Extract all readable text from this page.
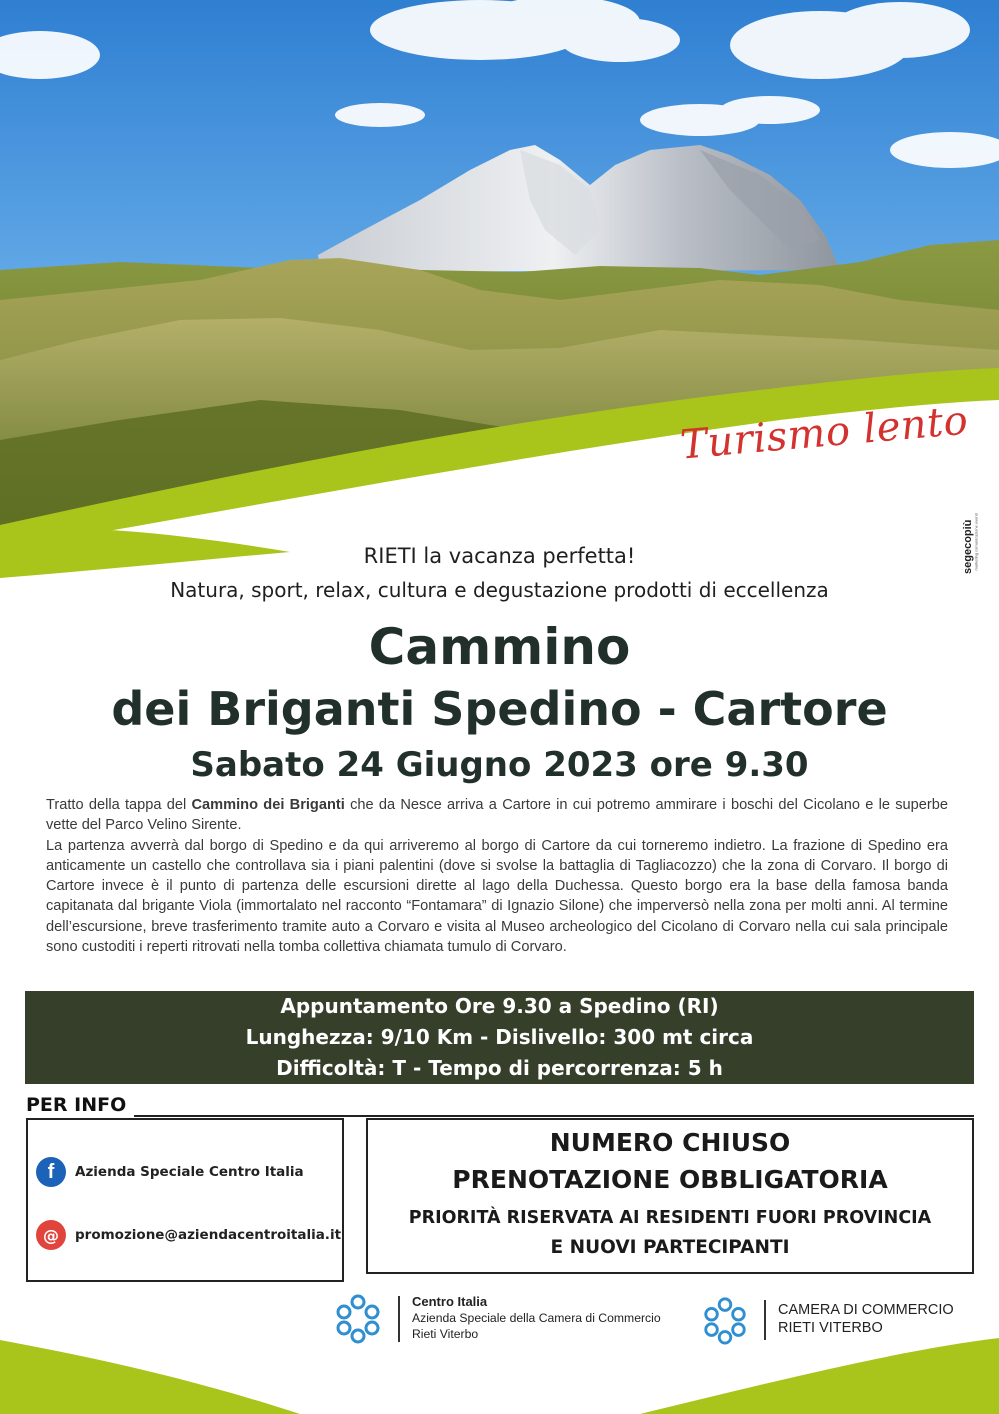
Turismo lento
segecopiù marketing comunicazione eventi
RIETI la vacanza perfetta!
Natura, sport, relax, cultura e degustazione prodotti di eccellenza
Cammino
dei Briganti Spedino - Cartore
Sabato 24 Giugno 2023 ore 9.30

Tratto della tappa del Cammino dei Briganti che da Nesce arriva a Cartore in cui potremo ammirare i boschi del Cicolano e le superbe vette del Parco Velino Sirente.

La partenza avverrà dal borgo di Spedino e da qui arriveremo al borgo di Cartore da cui torneremo indietro. La frazione di Spedino era anticamente un castello che controllava sia i piani palentini (dove si svolse la battaglia di Tagliacozzo) che la zona di Corvaro. Il borgo di Cartore invece è il punto di partenza delle escursioni dirette al lago della Duchessa. Questo borgo era la base della famosa banda capitanata dal brigante Viola (immortalato nel racconto “Fontamara” di Ignazio Silone) che imperversò nella zona per molti anni. Al termine dell’escursione, breve trasferimento tramite auto a Corvaro e visita al Museo archeologico del Cicolano di Corvaro nella cui sala principale sono custoditi i reperti ritrovati nella tomba collettiva chiamata tumulo di Corvaro.

Appuntamento Ore 9.30 a Spedino (RI)
Lunghezza: 9/10 Km - Dislivello: 300 mt circa
Difficoltà: T - Tempo di percorrenza: 5 h
PER INFO
f	Azienda Speciale Centro Italia
@	promozione@aziendacentroitalia.it
NUMERO CHIUSO
PRENOTAZIONE OBBLIGATORIA
PRIORITÀ RISERVATA AI RESIDENTI FUORI PROVINCIA
E NUOVI PARTECIPANTI
Centro Italia
Azienda Speciale della Camera di Commercio
Rieti Viterbo
CAMERA DI COMMERCIO
RIETI VITERBO
